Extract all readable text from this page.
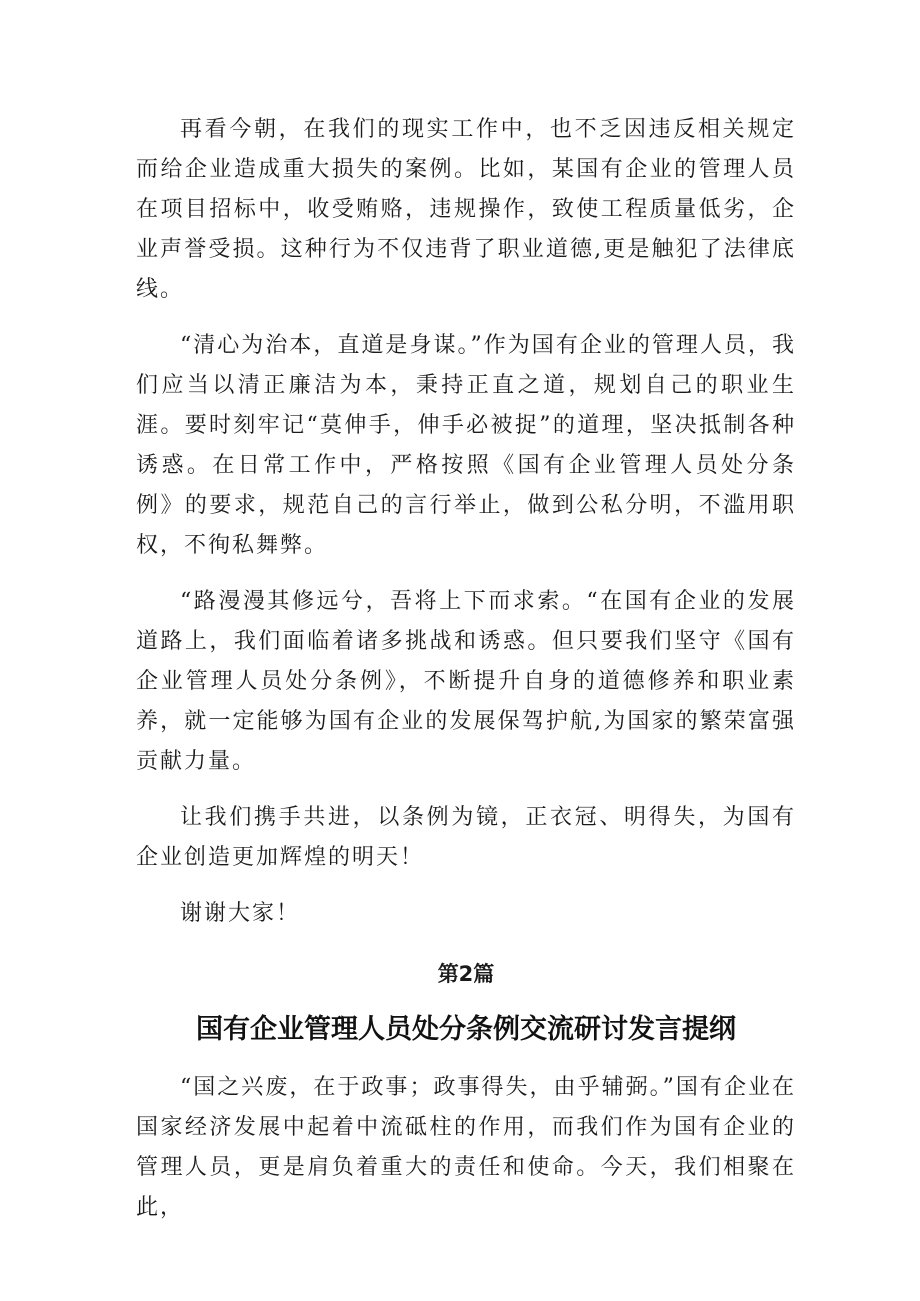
再看今朝，在我们的现实工作中，也不乏因违反相关规定而给企业造成重大损失的案例。比如，某国有企业的管理人员在项目招标中，收受贿赂，违规操作，致使工程质量低劣，企业声誉受损。这种行为不仅违背了职业道德,更是触犯了法律底线。

“清心为治本，直道是身谋。”作为国有企业的管理人员，我们应当以清正廉洁为本，秉持正直之道，规划自己的职业生涯。要时刻牢记“莫伸手，伸手必被捉”的道理，坚决抵制各种诱惑。在日常工作中，严格按照《国有企业管理人员处分条例》的要求，规范自己的言行举止，做到公私分明，不滥用职权，不徇私舞弊。

“路漫漫其修远兮，吾将上下而求索。“在国有企业的发展道路上，我们面临着诸多挑战和诱惑。但只要我们坚守《国有企业管理人员处分条例》，不断提升自身的道德修养和职业素养，就一定能够为国有企业的发展保驾护航,为国家的繁荣富强贡献力量。

让我们携手共进，以条例为镜，正衣冠、明得失，为国有企业创造更加辉煌的明天！

谢谢大家！

第2篇
国有企业管理人员处分条例交流研讨发言提纲

“国之兴废，在于政事；政事得失，由乎辅弼。”国有企业在国家经济发展中起着中流砥柱的作用，而我们作为国有企业的管理人员，更是肩负着重大的责任和使命。今天，我们相聚在此，
